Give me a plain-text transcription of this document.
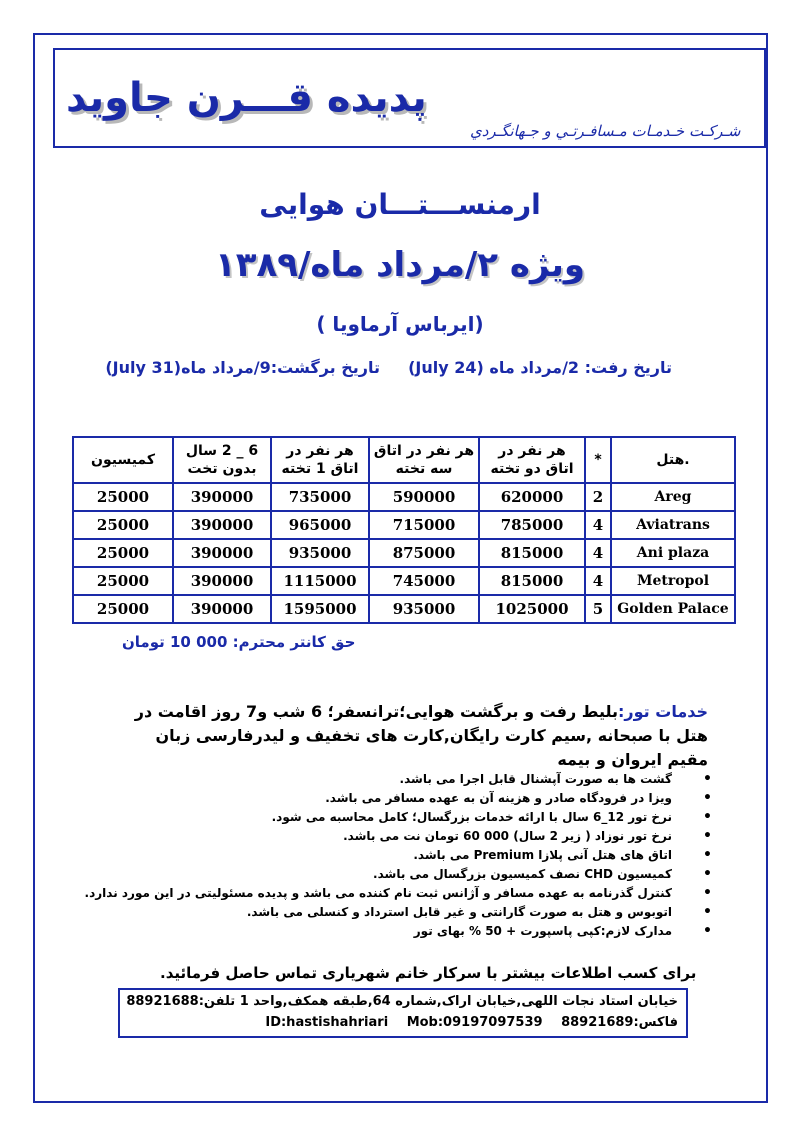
پدیده قـــرن جاوید
شـرکـت خـدمـات مـسافـرتـي و جـهانگـردي
ارمنســـتـــان هوایی
ویژه ۲/مرداد ماه/۱۳۸۹
(ایرباس آرماویا )
تاریخ رفت: 2/مرداد ماه (24 July)
تاریخ برگشت:9/مرداد ماه(31 July)
.هتل	*	هر نفر در اتاق دو تخته	هر نفر در اتاق سه تخته	هر نفر در اتاق 1 تخته	6 _ 2 سال بدون تخت	کمیسیون
Areg	2	620000	590000	735000	390000	25000
Aviatrans	4	785000	715000	965000	390000	25000
Ani plaza	4	815000	875000	935000	390000	25000
Metropol	4	815000	745000	1115000	390000	25000
Golden Palace	5	1025000	935000	1595000	390000	25000
حق کانتر محترم: 000 10 تومان
خدمات تور:بلیط رفت و برگشت هوایی؛ترانسفر؛ 6 شب و7 روز اقامت در هتل با صبحانه ,سیم کارت رایگان,کارت های تخفیف و لیدرفارسی زبان مقیم ایروان و بیمه
• گشت ها به صورت آپشنال قابل اجرا می باشد.
• ویزا در فرودگاه صادر و هزینه آن به عهده مسافر می باشد.
• نرخ تور 12_6 سال با ارائه خدمات بزرگسال؛ کامل محاسبه می شود.
• نرخ تور نوزاد ( زیر 2 سال) 000 60 تومان نت می باشد.
• اتاق های هتل آنی پلازا Premium می باشد.
• کمیسیون CHD نصف کمیسیون بزرگسال می باشد.
• کنترل گذرنامه به عهده مسافر و آژانس ثبت نام کننده می باشد و پدیده مسئولیتی در این مورد ندارد.
• اتوبوس و هتل به صورت گارانتی و غیر قابل استرداد و کنسلی می باشد.
• مدارک لازم:کپی پاسپورت + 50 % بهای تور
برای کسب اطلاعات بیشتر با سرکار خانم شهریاری تماس حاصل فرمائید.
خیابان استاد نجات اللهی,خیابان اراک,شماره 64,طبقه همکف,واحد 1 تلفن:88921688
فاکس:88921689 ID:hastishahriari Mob:09197097539
